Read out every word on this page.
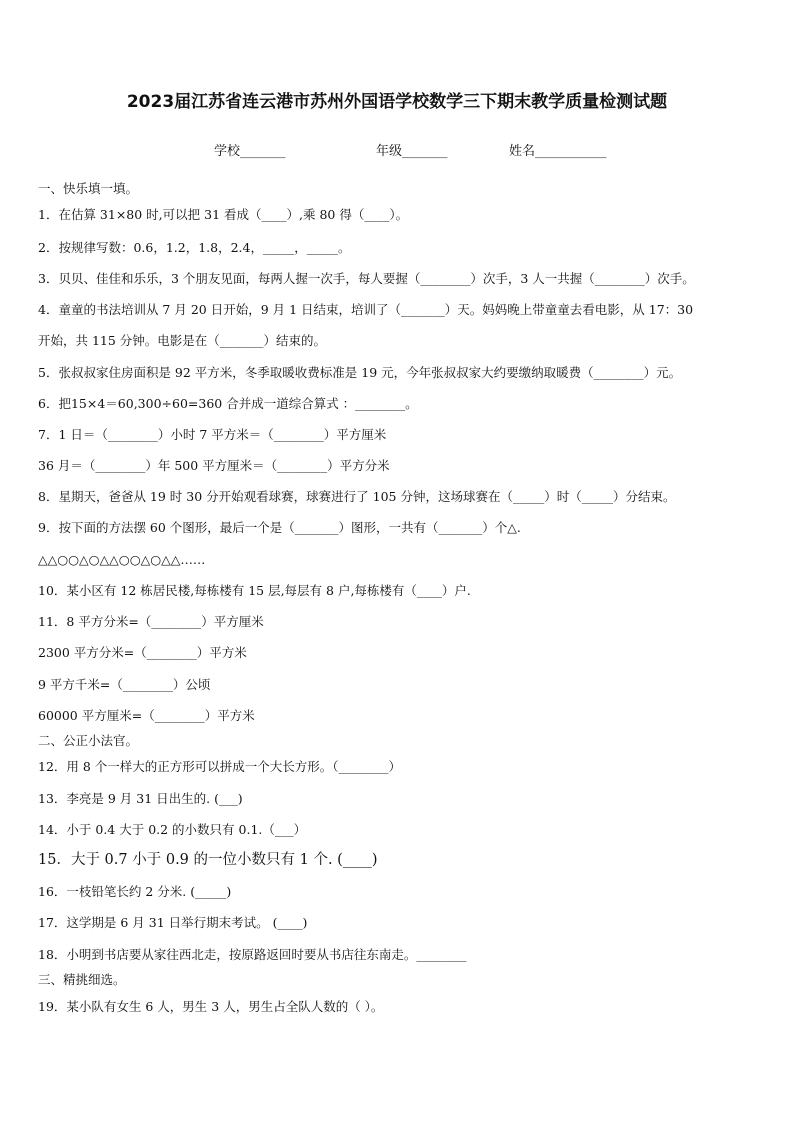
2023届江苏省连云港市苏州外国语学校数学三下期末教学质量检测试题
学校_______	年级_______	姓名___________
一、快乐填一填。
1．在估算 31×80 时,可以把 31 看成（____）,乘 80 得（____）。
2．按规律写数：0.6，1.2，1.8，2.4，_____，_____。
3．贝贝、佳佳和乐乐，3 个朋友见面，每两人握一次手，每人要握（________）次手，3 人一共握（________）次手。
4．童童的书法培训从 7 月 20 日开始，9 月 1 日结束，培训了（_______）天。妈妈晚上带童童去看电影，从 17：30
开始，共 115 分钟。电影是在（_______）结束的。
5．张叔叔家住房面积是 92 平方米，冬季取暖收费标准是 19 元，今年张叔叔家大约要缴纳取暖费（________）元。
6．把15×4＝60,300÷60=360 合并成一道综合算式 ：________。
7．1 日＝（________）小时 7 平方米＝（________）平方厘米
36 月＝（________）年 500 平方厘米＝（________）平方分米
8．星期天，爸爸从 19 时 30 分开始观看球赛，球赛进行了 105 分钟，这场球赛在（_____）时（_____）分结束。
9．按下面的方法摆 60 个图形，最后一个是（_______）图形，一共有（_______）个△.
△△○○△○△△○○△○△△……
10．某小区有 12 栋居民楼,每栋楼有 15 层,每层有 8 户,每栋楼有（____）户.
11．8 平方分米=（________）平方厘米
2300 平方分米=（________）平方米
9 平方千米=（________）公顷
60000 平方厘米=（________）平方米
二、公正小法官。
12．用 8 个一样大的正方形可以拼成一个大长方形。（________）
13．李亮是 9 月 31 日出生的. (___)
14．小于 0.4 大于 0.2 的小数只有 0.1.（___）
15．大于 0.7 小于 0.9 的一位小数只有 1 个. (____)
16．一枝铅笔长约 2 分米. (_____)
17．这学期是 6 月 31 日举行期末考试。 (____)
18．小明到书店要从家往西北走，按原路返回时要从书店往东南走。________
三、精挑细选。
19．某小队有女生 6 人，男生 3 人，男生占全队人数的（ ）。
